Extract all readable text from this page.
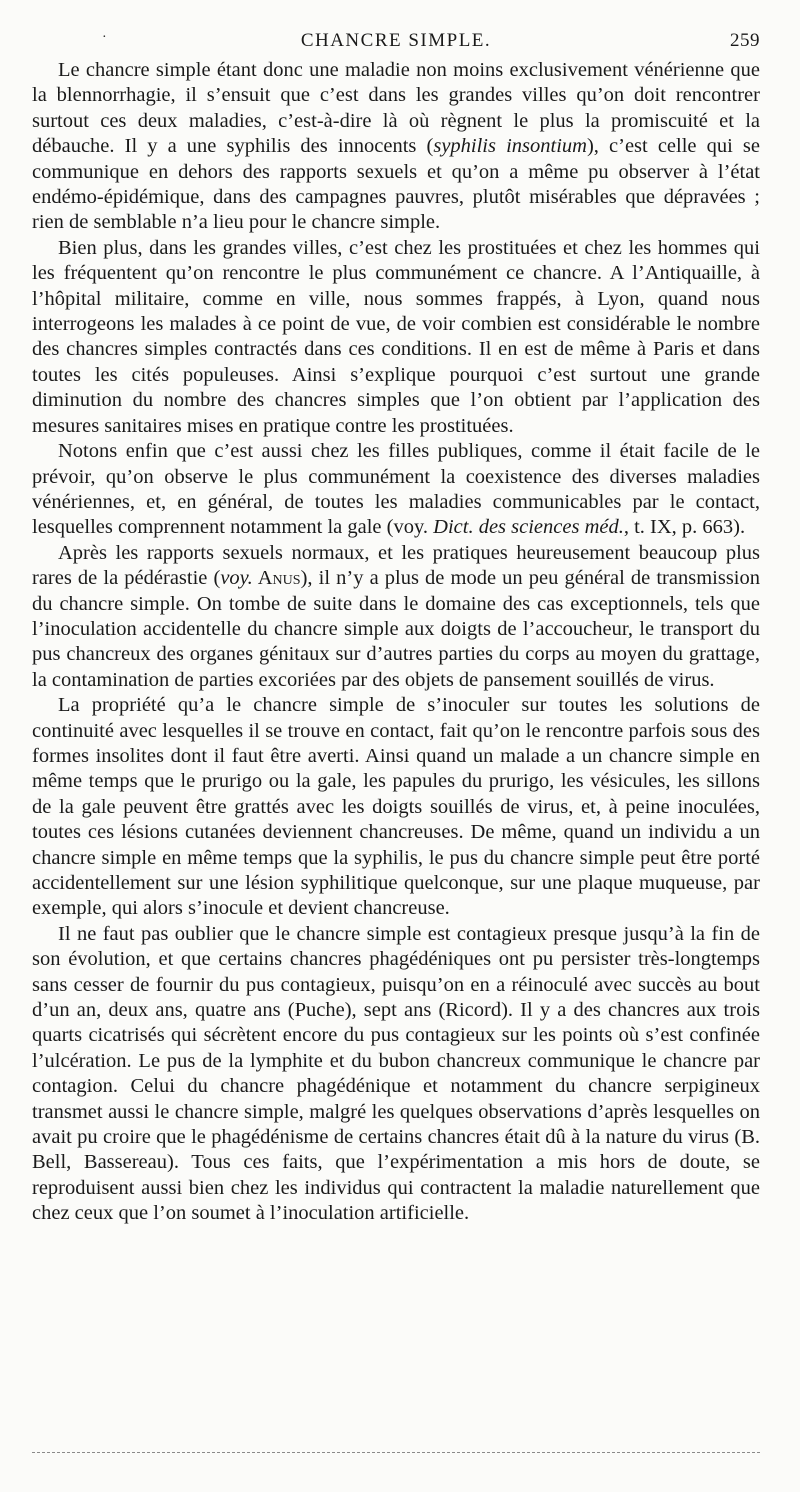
·	CHANCRE SIMPLE.	259

Le chancre simple étant donc une maladie non moins exclusivement vénérienne que la blennorrhagie, il s’ensuit que c’est dans les grandes villes qu’on doit rencontrer surtout ces deux maladies, c’est-à-dire là où règnent le plus la promiscuité et la débauche. Il y a une syphilis des innocents (syphilis insontium), c’est celle qui se communique en dehors des rapports sexuels et qu’on a même pu observer à l’état endémo-épidémique, dans des campagnes pauvres, plutôt misérables que dépravées ; rien de semblable n’a lieu pour le chancre simple.

Bien plus, dans les grandes villes, c’est chez les prostituées et chez les hommes qui les fréquentent qu’on rencontre le plus communément ce chancre. A l’Antiquaille, à l’hôpital militaire, comme en ville, nous sommes frappés, à Lyon, quand nous interrogeons les malades à ce point de vue, de voir combien est considérable le nombre des chancres simples contractés dans ces conditions. Il en est de même à Paris et dans toutes les cités populeuses. Ainsi s’explique pourquoi c’est surtout une grande diminution du nombre des chancres simples que l’on obtient par l’application des mesures sanitaires mises en pratique contre les prostituées.

Notons enfin que c’est aussi chez les filles publiques, comme il était facile de le prévoir, qu’on observe le plus communément la coexistence des diverses maladies vénériennes, et, en général, de toutes les maladies communicables par le contact, lesquelles comprennent notamment la gale (voy. Dict. des sciences méd., t. IX, p. 663).

Après les rapports sexuels normaux, et les pratiques heureusement beaucoup plus rares de la pédérastie (voy. Anus), il n’y a plus de mode un peu général de transmission du chancre simple. On tombe de suite dans le domaine des cas exceptionnels, tels que l’inoculation accidentelle du chancre simple aux doigts de l’accoucheur, le transport du pus chancreux des organes génitaux sur d’autres parties du corps au moyen du grattage, la contamination de parties excoriées par des objets de pansement souillés de virus.

La propriété qu’a le chancre simple de s’inoculer sur toutes les solutions de continuité avec lesquelles il se trouve en contact, fait qu’on le rencontre parfois sous des formes insolites dont il faut être averti. Ainsi quand un malade a un chancre simple en même temps que le prurigo ou la gale, les papules du prurigo, les vésicules, les sillons de la gale peuvent être grattés avec les doigts souillés de virus, et, à peine inoculées, toutes ces lésions cutanées deviennent chancreuses. De même, quand un individu a un chancre simple en même temps que la syphilis, le pus du chancre simple peut être porté accidentellement sur une lésion syphilitique quelconque, sur une plaque muqueuse, par exemple, qui alors s’inocule et devient chancreuse.

Il ne faut pas oublier que le chancre simple est contagieux presque jusqu’à la fin de son évolution, et que certains chancres phagédéniques ont pu persister très-longtemps sans cesser de fournir du pus contagieux, puisqu’on en a réinoculé avec succès au bout d’un an, deux ans, quatre ans (Puche), sept ans (Ricord). Il y a des chancres aux trois quarts cicatrisés qui sécrètent encore du pus contagieux sur les points où s’est confinée l’ulcération. Le pus de la lymphite et du bubon chancreux communique le chancre par contagion. Celui du chancre phagédénique et notamment du chancre serpigineux transmet aussi le chancre simple, malgré les quelques observations d’après lesquelles on avait pu croire que le phagédénisme de certains chancres était dû à la nature du virus (B. Bell, Bassereau). Tous ces faits, que l’expérimentation a mis hors de doute, se reproduisent aussi bien chez les individus qui contractent la maladie naturellement que chez ceux que l’on soumet à l’inoculation artificielle.
